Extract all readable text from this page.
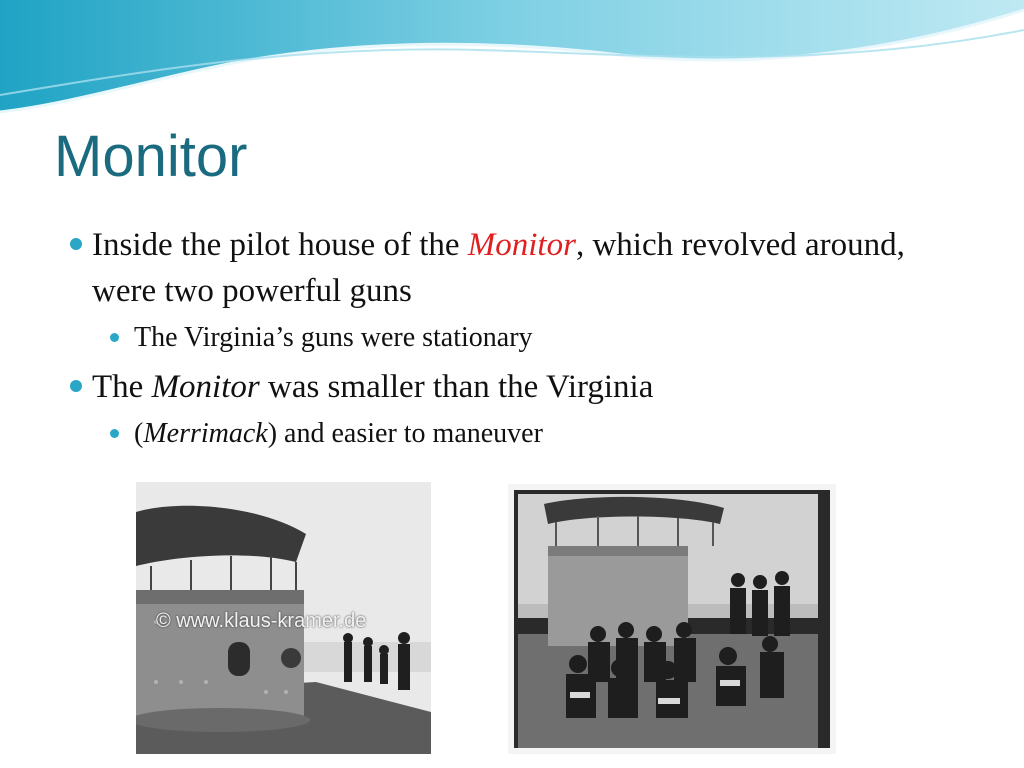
Monitor
Inside the pilot house of the Monitor, which revolved around, were two powerful guns
The Virginia’s guns were stationary
The Monitor was smaller than the Virginia
(Merrimack) and easier to maneuver
© www.klaus-kramer.de
